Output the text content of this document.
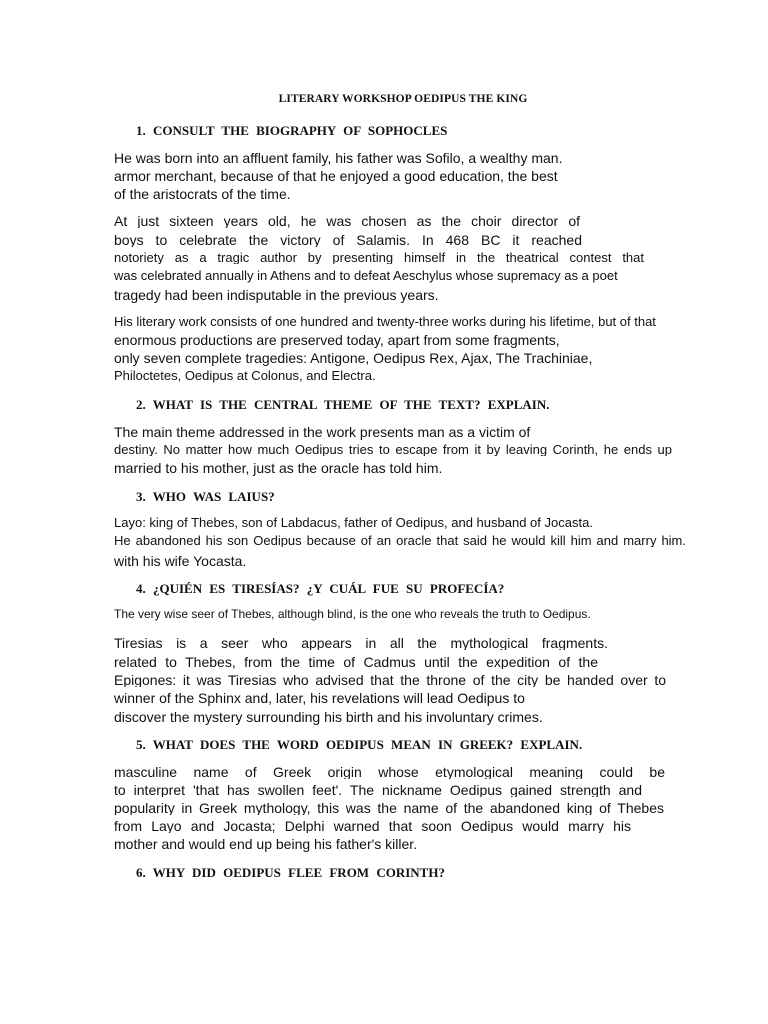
LITERARY WORKSHOP OEDIPUS THE KING
1. CONSULT THE BIOGRAPHY OF SOPHOCLES
He was born into an affluent family, his father was Sofilo, a wealthy man.
armor merchant, because of that he enjoyed a good education, the best
of the aristocrats of the time.
At just sixteen years old, he was chosen as the choir director of
boys to celebrate the victory of Salamis. In 468 BC it reached
notoriety as a tragic author by presenting himself in the theatrical contest that
was celebrated annually in Athens and to defeat Aeschylus whose supremacy as a poet
tragedy had been indisputable in the previous years.
His literary work consists of one hundred and twenty-three works during his lifetime, but of that
enormous productions are preserved today, apart from some fragments,
only seven complete tragedies: Antigone, Oedipus Rex, Ajax, The Trachiniae,
Philoctetes, Oedipus at Colonus, and Electra.
2. WHAT IS THE CENTRAL THEME OF THE TEXT? EXPLAIN.
The main theme addressed in the work presents man as a victim of
destiny. No matter how much Oedipus tries to escape from it by leaving Corinth, he ends up
married to his mother, just as the oracle has told him.
3. WHO WAS LAIUS?
Layo: king of Thebes, son of Labdacus, father of Oedipus, and husband of Jocasta.
He abandoned his son Oedipus because of an oracle that said he would kill him and marry him.
with his wife Yocasta.
4. ¿QUIÉN ES TIRESÍAS? ¿Y CUÁL FUE SU PROFECÍA?
The very wise seer of Thebes, although blind, is the one who reveals the truth to Oedipus.
Tiresias is a seer who appears in all the mythological fragments.
related to Thebes, from the time of Cadmus until the expedition of the
Epigones: it was Tiresias who advised that the throne of the city be handed over to
winner of the Sphinx and, later, his revelations will lead Oedipus to
discover the mystery surrounding his birth and his involuntary crimes.
5. WHAT DOES THE WORD OEDIPUS MEAN IN GREEK? EXPLAIN.
masculine name of Greek origin whose etymological meaning could be
to interpret 'that has swollen feet'. The nickname Oedipus gained strength and
popularity in Greek mythology, this was the name of the abandoned king of Thebes
from Layo and Jocasta; Delphi warned that soon Oedipus would marry his
mother and would end up being his father's killer.
6. WHY DID OEDIPUS FLEE FROM CORINTH?
